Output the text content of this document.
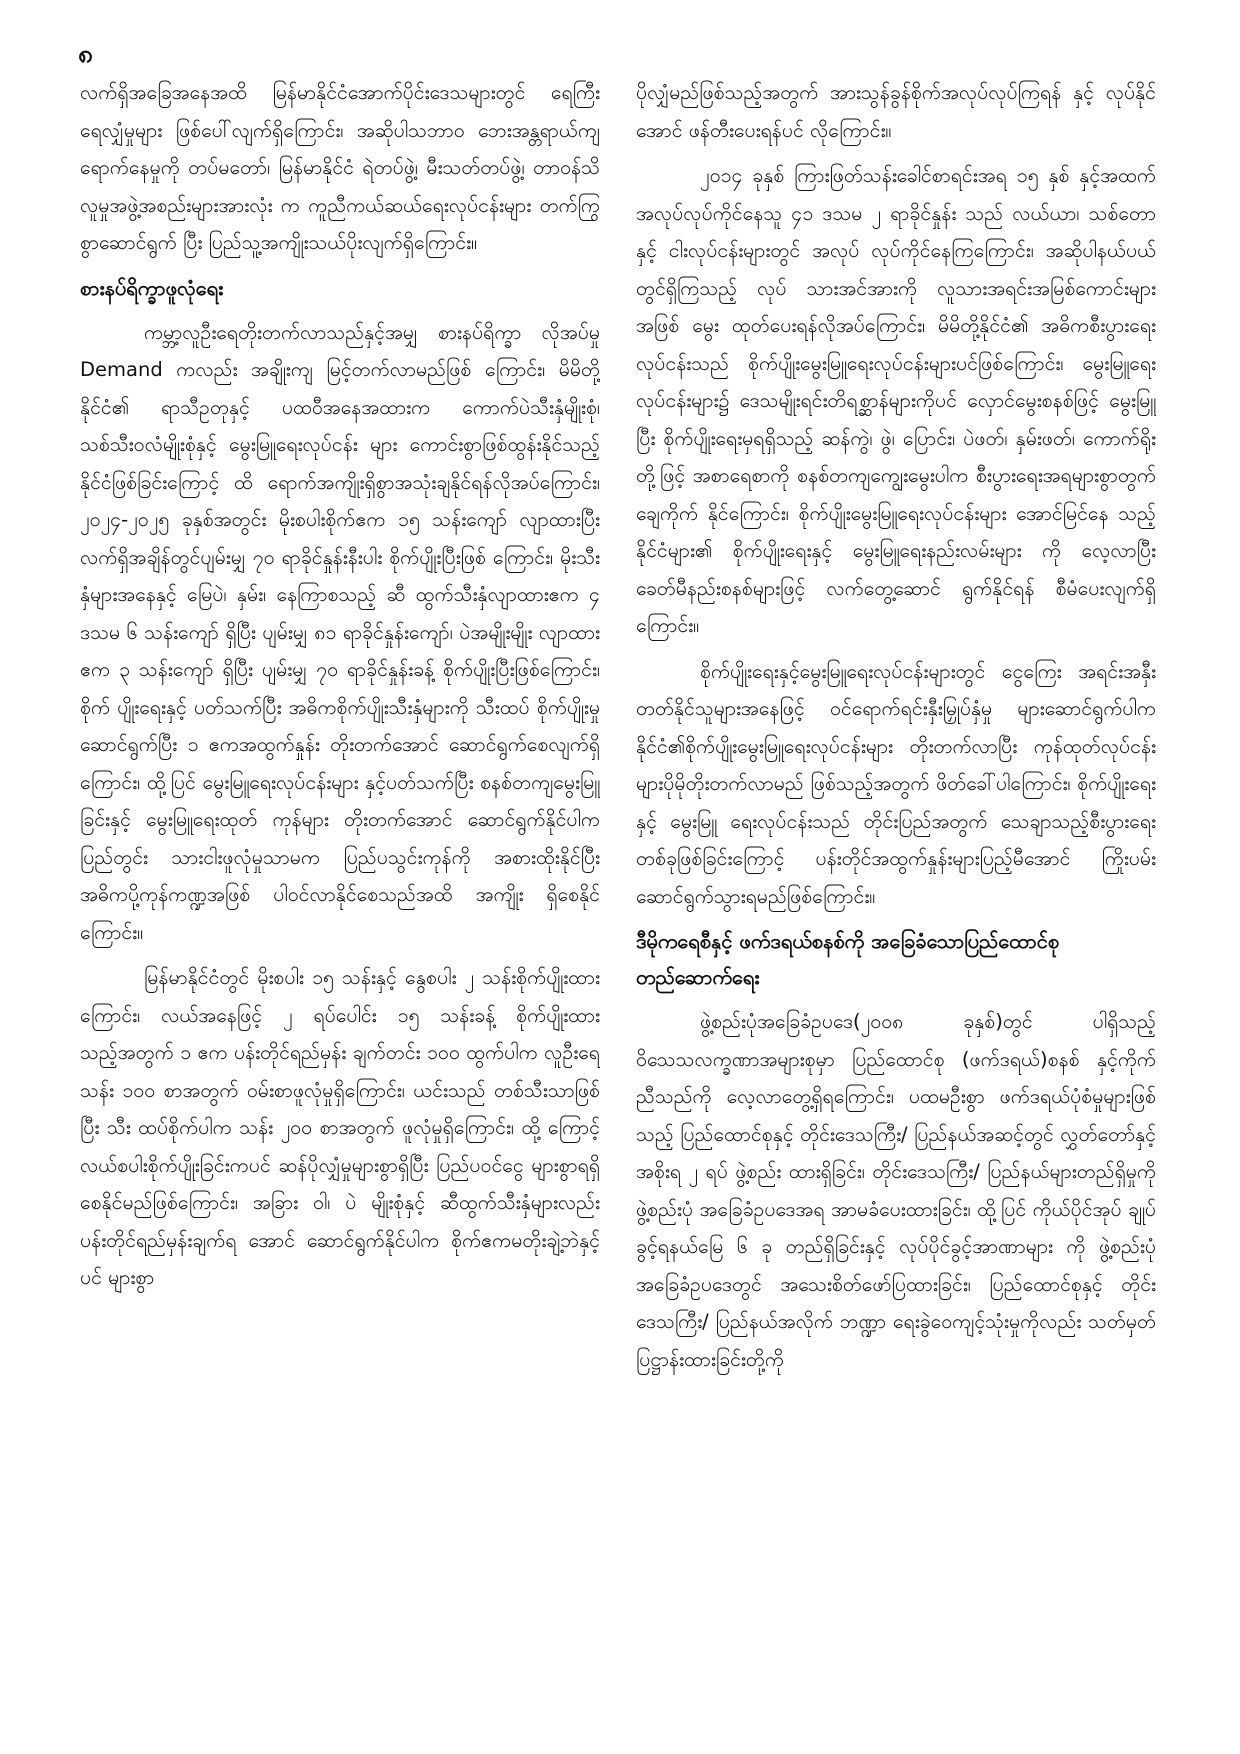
၈

လက်ရှိအခြေအနေအထိ မြန်မာနိုင်ငံအောက်ပိုင်းဒေသများတွင် ရေကြီးရေလျှံမှုများ ဖြစ်ပေါ်လျက်ရှိကြောင်း၊ အဆိုပါသဘာဝ ဘေးအန္တရာယ်ကျရောက်နေမှုကို တပ်မတော်၊ မြန်မာနိုင်ငံ ရဲတပ်ဖွဲ့၊ မီးသတ်တပ်ဖွဲ့၊ တာဝန်သိလူမှုအဖွဲ့အစည်းများအားလုံး က ကူညီကယ်ဆယ်ရေးလုပ်ငန်းများ တက်ကြွစွာဆောင်ရွက် ပြီး ပြည်သူ့အကျိုးသယ်ပိုးလျက်ရှိကြောင်း။

စားနပ်ရိက္ခာဖူလုံရေး

ကမ္ဘာ့လူဦးရေတိုးတက်လာသည်နှင့်အမျှ စားနပ်ရိက္ခာ လိုအပ်မှု Demand ကလည်း အချိုးကျ မြင့်တက်လာမည်ဖြစ် ကြောင်း၊ မိမိတို့နိုင်ငံ၏ ရာသီဥတုနှင့် ပထဝီအနေအထားက ကောက်ပဲသီးနှံမျိုးစုံ၊ သစ်သီးဝလံမျိုးစုံနှင့် မွေးမြူရေးလုပ်ငန်း များ ကောင်းစွာဖြစ်ထွန်းနိုင်သည့် နိုင်ငံဖြစ်ခြင်းကြောင့် ထိ ရောက်အကျိုးရှိစွာအသုံးချနိုင်ရန်လိုအပ်ကြောင်း၊ ၂၀၂၄-၂၀၂၅ ခုနှစ်အတွင်း မိုးစပါးစိုက်ဧက ၁၅ သန်းကျော် လျာထားပြီး လက်ရှိအချိန်တွင်ပျမ်းမျှ ၇၀ ရာခိုင်နှုန်းနီးပါး စိုက်ပျိုးပြီးဖြစ် ကြောင်း၊ မိုးသီးနှံများအနေနှင့် မြေပဲ၊ နှမ်း၊ နေကြာစသည့် ဆီ ထွက်သီးနှံလျာထားဧက ၄ ဒသမ ၆ သန်းကျော် ရှိပြီး ပျမ်းမျှ ၈၁ ရာခိုင်နှုန်းကျော်၊ ပဲအမျိုးမျိုး လျာထားဧက ၃ သန်းကျော် ရှိပြီး ပျမ်းမျှ ၇၀ ရာခိုင်နှုန်းခန့် စိုက်ပျိုးပြီးဖြစ်ကြောင်း၊ စိုက် ပျိုးရေးနှင့် ပတ်သက်ပြီး အဓိကစိုက်ပျိုးသီးနှံများကို သီးထပ် စိုက်ပျိုးမှုဆောင်ရွက်ပြီး ၁ ဧကအထွက်နှုန်း တိုးတက်အောင် ဆောင်ရွက်စေလျက်ရှိကြောင်း၊ ထို့ပြင် မွေးမြူရေးလုပ်ငန်းများ နှင့်ပတ်သက်ပြီး စနစ်တကျမွေးမြူခြင်းနှင့် မွေးမြူရေးထုတ် ကုန်များ တိုးတက်အောင် ဆောင်ရွက်နိုင်ပါက ပြည်တွင်း သားငါးဖူလုံမှုသာမက ပြည်ပသွင်းကုန်ကို အစားထိုးနိုင်ပြီး အဓိကပို့ကုန်ကဏ္ဍအဖြစ် ပါဝင်လာနိုင်စေသည်အထိ အကျိုး ရှိစေနိုင်ကြောင်း။

မြန်မာနိုင်ငံတွင် မိုးစပါး ၁၅ သန်းနှင့် နွေစပါး ၂ သန်းစိုက်ပျိုးထားကြောင်း၊ လယ်အနေဖြင့် ၂ ရပ်ပေါင်း ၁၅ သန်းခန့် စိုက်ပျိုးထားသည့်အတွက် ၁ ဧက ပန်းတိုင်ရည်မှန်း ချက်တင်း ၁၀၀ ထွက်ပါက လူဦးရေ သန်း ၁၀၀ စာအတွက် ဝမ်းစာဖူလုံမှုရှိကြောင်း၊ ယင်းသည် တစ်သီးသာဖြစ်ပြီး သီး ထပ်စိုက်ပါက သန်း ၂၀၀ စာအတွက် ဖူလုံမှုရှိကြောင်း၊ ထို့ ကြောင့် လယ်စပါးစိုက်ပျိုးခြင်းကပင် ဆန်ပိုလျှံမှုများစွာရှိပြီး ပြည်ပဝင်ငွေ များစွာရရှိစေနိုင်မည်ဖြစ်ကြောင်း၊ အခြား ဝါ၊ ပဲ မျိုးစုံနှင့် ဆီထွက်သီးနှံများလည်း ပန်းတိုင်ရည်မှန်းချက်ရ အောင် ဆောင်ရွက်နိုင်ပါက စိုက်ဧကမတိုးချဲ့ဘဲနှင့်ပင် များစွာ

ပိုလျှံမည်ဖြစ်သည့်အတွက် အားသွန်ခွန်စိုက်အလုပ်လုပ်ကြရန် နှင့် လုပ်နိုင်အောင် ဖန်တီးပေးရန်ပင် လိုကြောင်း။

၂၀၁၄ ခုနှစ် ကြားဖြတ်သန်းခေါင်စာရင်းအရ ၁၅ နှစ် နှင့်အထက် အလုပ်လုပ်ကိုင်နေသူ ၄၁ ဒသမ ၂ ရာခိုင်နှုန်း သည် လယ်ယာ၊ သစ်တောနှင့် ငါးလုပ်ငန်းများတွင် အလုပ် လုပ်ကိုင်နေကြကြောင်း၊ အဆိုပါနယ်ပယ်တွင်ရှိကြသည့် လုပ် သားအင်အားကို လူသားအရင်းအမြစ်ကောင်းများအဖြစ် မွေး ထုတ်ပေးရန်လိုအပ်ကြောင်း၊ မိမိတို့နိုင်ငံ၏ အဓိကစီးပွားရေး လုပ်ငန်းသည် စိုက်ပျိုးမွေးမြူရေးလုပ်ငန်းများပင်ဖြစ်ကြောင်း၊ မွေးမြူရေးလုပ်ငန်းများ၌ ဒေသမျိုးရင်းတိရစ္ဆာန်များကိုပင် လှောင်မွေးစနစ်ဖြင့် မွေးမြူပြီး စိုက်ပျိုးရေးမှရရှိသည့် ဆန်ကွဲ၊ ဖွဲ၊ ပြောင်း၊ ပဲဖတ်၊ နှမ်းဖတ်၊ ကောက်ရိုးတို့ဖြင့် အစာရေစာကို စနစ်တကျကျွေးမွေးပါက စီးပွားရေးအရများစွာတွက်ချေကိုက် နိုင်ကြောင်း၊ စိုက်ပျိုးမွေးမြူရေးလုပ်ငန်းများ အောင်မြင်နေ သည့်နိုင်ငံများ၏ စိုက်ပျိုးရေးနှင့် မွေးမြူရေးနည်းလမ်းများ ကို လေ့လာပြီး ခေတ်မီနည်းစနစ်များဖြင့် လက်တွေ့ဆောင် ရွက်နိုင်ရန် စီမံပေးလျက်ရှိကြောင်း။

စိုက်ပျိုးရေးနှင့်မွေးမြူရေးလုပ်ငန်းများတွင် ငွေကြေး အရင်းအနှီးတတ်နိုင်သူများအနေဖြင့် ဝင်ရောက်ရင်းနှီးမြှုပ်နှံမှု များဆောင်ရွက်ပါက နိုင်ငံ၏စိုက်ပျိုးမွေးမြူရေးလုပ်ငန်းများ တိုးတက်လာပြီး ကုန်ထုတ်လုပ်ငန်းများပိုမိုတိုးတက်လာမည် ဖြစ်သည့်အတွက် ဖိတ်ခေါ်ပါကြောင်း၊ စိုက်ပျိုးရေးနှင့် မွေးမြူ ရေးလုပ်ငန်းသည် တိုင်းပြည်အတွက် သေချာသည့်စီးပွားရေး တစ်ခုဖြစ်ခြင်းကြောင့် ပန်းတိုင်အထွက်နှုန်းများပြည့်မီအောင် ကြိုးပမ်းဆောင်ရွက်သွားရမည်ဖြစ်ကြောင်း။

ဒီမိုကရေစီနှင့် ဖက်ဒရယ်စနစ်ကို အခြေခံသောပြည်ထောင်စု တည်ဆောက်ရေး

ဖွဲ့စည်းပုံအခြေခံဥပဒေ(၂၀၀၈ ခုနှစ်)တွင် ပါရှိသည့် ဝိသေသလက္ခဏာအများစုမှာ ပြည်ထောင်စု (ဖက်ဒရယ်)စနစ် နှင့်ကိုက်ညီသည်ကို လေ့လာတွေ့ရှိရကြောင်း၊ ပထမဦးစွာ ဖက်ဒရယ်ပုံစံမှုများဖြစ်သည့် ပြည်ထောင်စုနှင့် တိုင်းဒေသကြီး/ ပြည်နယ်အဆင့်တွင် လွှတ်တော်နှင့်အစိုးရ ၂ ရပ် ဖွဲ့စည်း ထားရှိခြင်း၊ တိုင်းဒေသကြီး/ ပြည်နယ်များတည်ရှိမှုကို ဖွဲ့စည်းပုံ အခြေခံဥပဒေအရ အာမခံပေးထားခြင်း၊ ထို့ပြင် ကိုယ်ပိုင်အုပ် ချုပ်ခွင့်ရနယ်မြေ ၆ ခု တည်ရှိခြင်းနှင့် လုပ်ပိုင်ခွင့်အာဏာများ ကို ဖွဲ့စည်းပုံအခြေခံဥပဒေတွင် အသေးစိတ်ဖော်ပြထားခြင်း၊ ပြည်ထောင်စုနှင့် တိုင်းဒေသကြီး/ ပြည်နယ်အလိုက် ဘဏ္ဍာ ရေးခွဲဝေကျင့်သုံးမှုကိုလည်း သတ်မှတ်ပြဋ္ဌာန်းထားခြင်းတို့ကို
